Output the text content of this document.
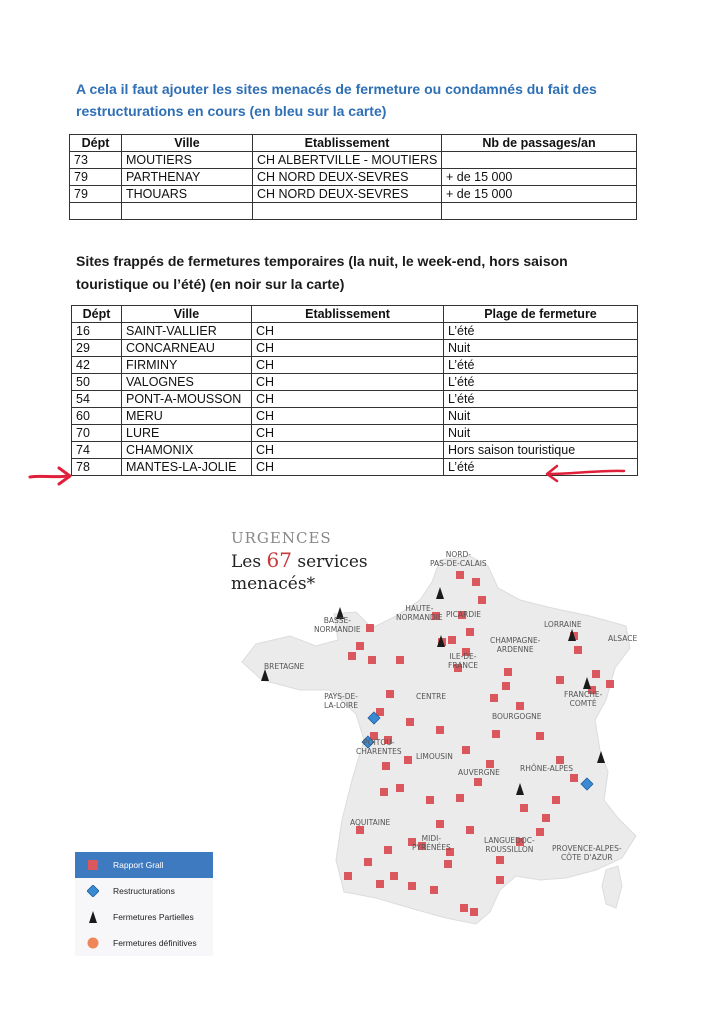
A cela il faut ajouter les sites menacés de fermeture ou condamnés du fait des restructurations en cours (en bleu sur la carte)
Dépt	Ville	Etablissement	Nb de passages/an
73	MOUTIERS	CH ALBERTVILLE - MOUTIERS	
79	PARTHENAY	CH NORD DEUX-SEVRES	+ de 15 000
79	THOUARS	CH NORD DEUX-SEVRES	+ de 15 000

Sites frappés de fermetures temporaires (la nuit, le week-end, hors saison touristique ou l’été) (en noir sur la carte)
Dépt	Ville	Etablissement	Plage de fermeture
16	SAINT-VALLIER	CH	L’été
29	CONCARNEAU	CH	Nuit
42	FIRMINY	CH	L’été
50	VALOGNES	CH	L’été
54	PONT-A-MOUSSON	CH	L’été
60	MERU	CH	Nuit
70	LURE	CH	Nuit
74	CHAMONIX	CH	Hors saison touristique
78	MANTES-LA-JOLIE	CH	L’été
URGENCES
Les 67 services
menacés*
NORD-
PAS-DE-CALAIS
HAUTE-
NORMANDIE PICARDIE
BASSE-
NORMANDIE
LORRAINE
CHAMPAGNE-
ARDENNE
ALSACE
ILE-DE-
FRANCE
BRETAGNE
PAYS-DE-
LA-LOIRE
CENTRE	FRANCHE-
COMTÉ
BOURGOGNE
POITOU-
CHARENTES
LIMOUSIN
AUVERGNE	RHÔNE-ALPES
AQUITAINE
MIDI-
PYRÉNÉES
LANGUEDOC-
ROUSSILLON PROVENCE-ALPES-
CÔTE D'AZUR
Rapport Grall
Restructurations
Fermetures Partielles
Fermetures définitives
